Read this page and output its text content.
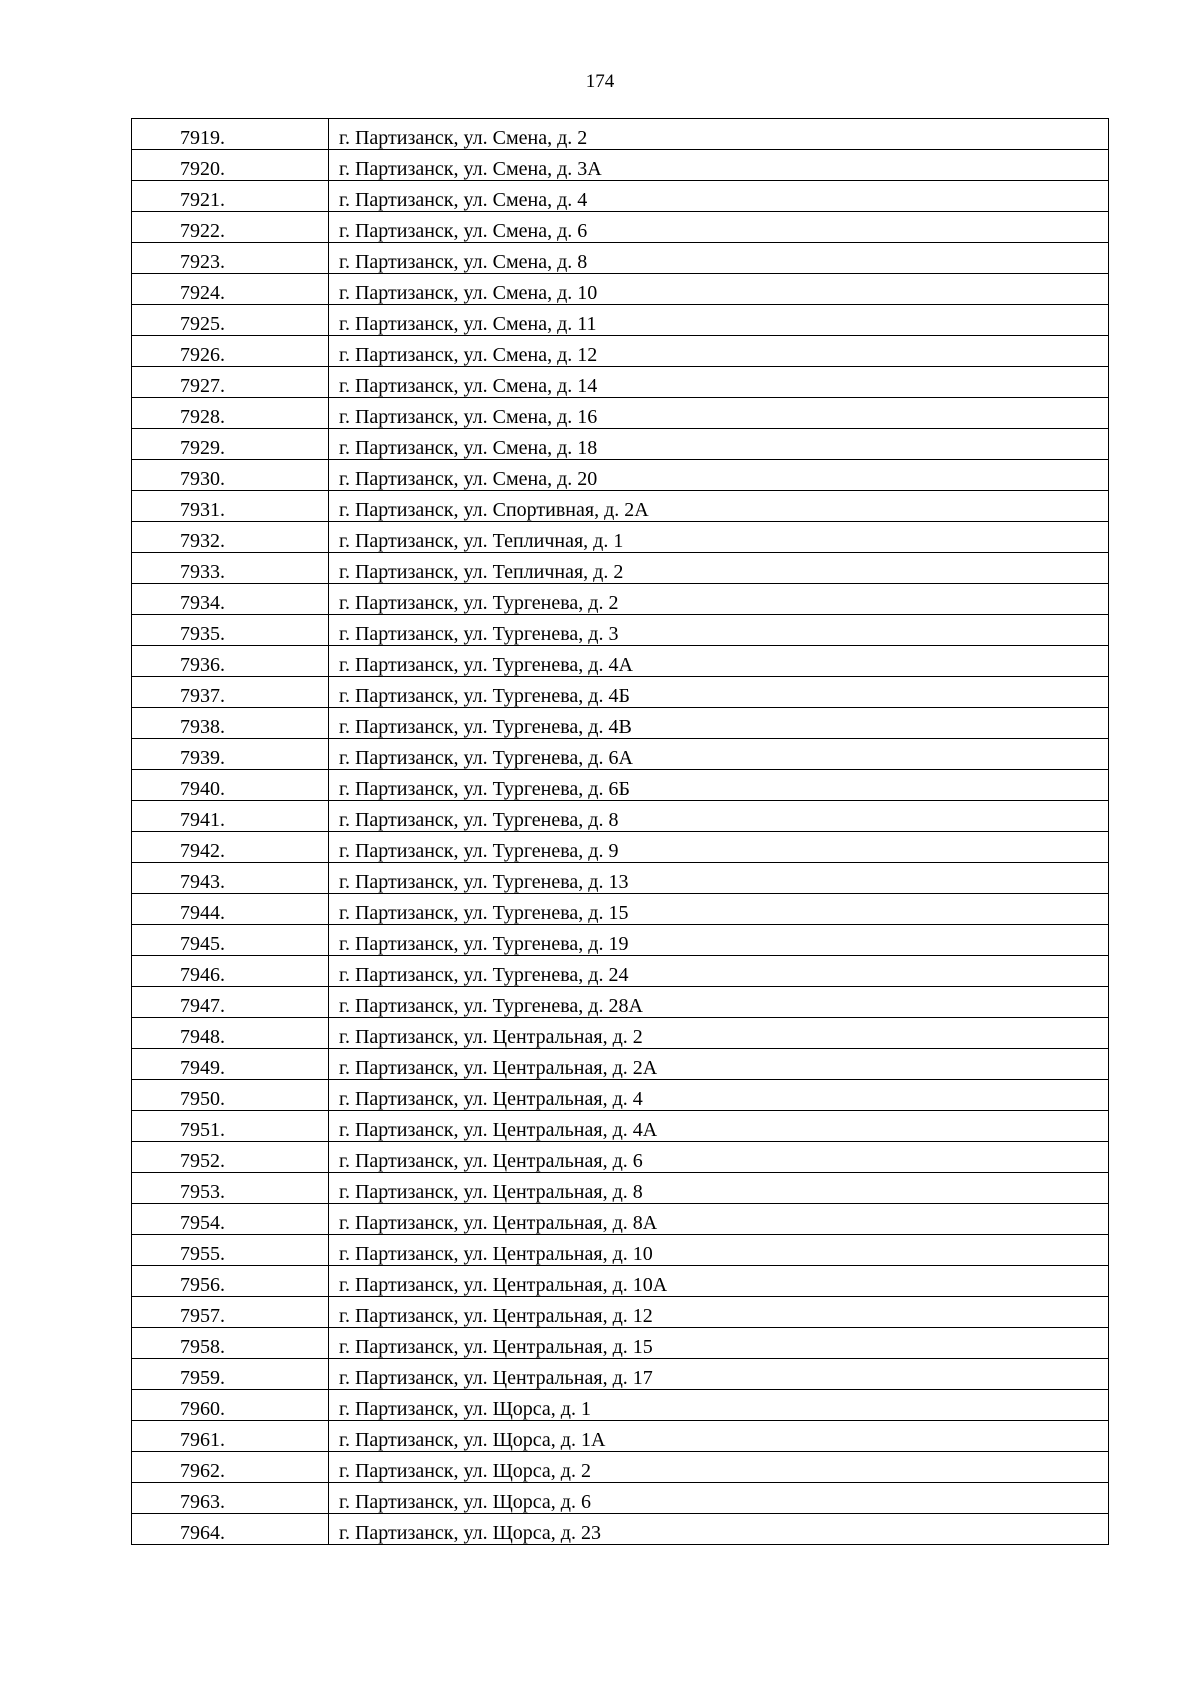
174
7919.	г. Партизанск, ул. Смена, д. 2
7920.	г. Партизанск, ул. Смена, д. 3А
7921.	г. Партизанск, ул. Смена, д. 4
7922.	г. Партизанск, ул. Смена, д. 6
7923.	г. Партизанск, ул. Смена, д. 8
7924.	г. Партизанск, ул. Смена, д. 10
7925.	г. Партизанск, ул. Смена, д. 11
7926.	г. Партизанск, ул. Смена, д. 12
7927.	г. Партизанск, ул. Смена, д. 14
7928.	г. Партизанск, ул. Смена, д. 16
7929.	г. Партизанск, ул. Смена, д. 18
7930.	г. Партизанск, ул. Смена, д. 20
7931.	г. Партизанск, ул. Спортивная, д. 2А
7932.	г. Партизанск, ул. Тепличная, д. 1
7933.	г. Партизанск, ул. Тепличная, д. 2
7934.	г. Партизанск, ул. Тургенева, д. 2
7935.	г. Партизанск, ул. Тургенева, д. 3
7936.	г. Партизанск, ул. Тургенева, д. 4А
7937.	г. Партизанск, ул. Тургенева, д. 4Б
7938.	г. Партизанск, ул. Тургенева, д. 4В
7939.	г. Партизанск, ул. Тургенева, д. 6А
7940.	г. Партизанск, ул. Тургенева, д. 6Б
7941.	г. Партизанск, ул. Тургенева, д. 8
7942.	г. Партизанск, ул. Тургенева, д. 9
7943.	г. Партизанск, ул. Тургенева, д. 13
7944.	г. Партизанск, ул. Тургенева, д. 15
7945.	г. Партизанск, ул. Тургенева, д. 19
7946.	г. Партизанск, ул. Тургенева, д. 24
7947.	г. Партизанск, ул. Тургенева, д. 28А
7948.	г. Партизанск, ул. Центральная, д. 2
7949.	г. Партизанск, ул. Центральная, д. 2А
7950.	г. Партизанск, ул. Центральная, д. 4
7951.	г. Партизанск, ул. Центральная, д. 4А
7952.	г. Партизанск, ул. Центральная, д. 6
7953.	г. Партизанск, ул. Центральная, д. 8
7954.	г. Партизанск, ул. Центральная, д. 8А
7955.	г. Партизанск, ул. Центральная, д. 10
7956.	г. Партизанск, ул. Центральная, д. 10А
7957.	г. Партизанск, ул. Центральная, д. 12
7958.	г. Партизанск, ул. Центральная, д. 15
7959.	г. Партизанск, ул. Центральная, д. 17
7960.	г. Партизанск, ул. Щорса, д. 1
7961.	г. Партизанск, ул. Щорса, д. 1А
7962.	г. Партизанск, ул. Щорса, д. 2
7963.	г. Партизанск, ул. Щорса, д. 6
7964.	г. Партизанск, ул. Щорса, д. 23
